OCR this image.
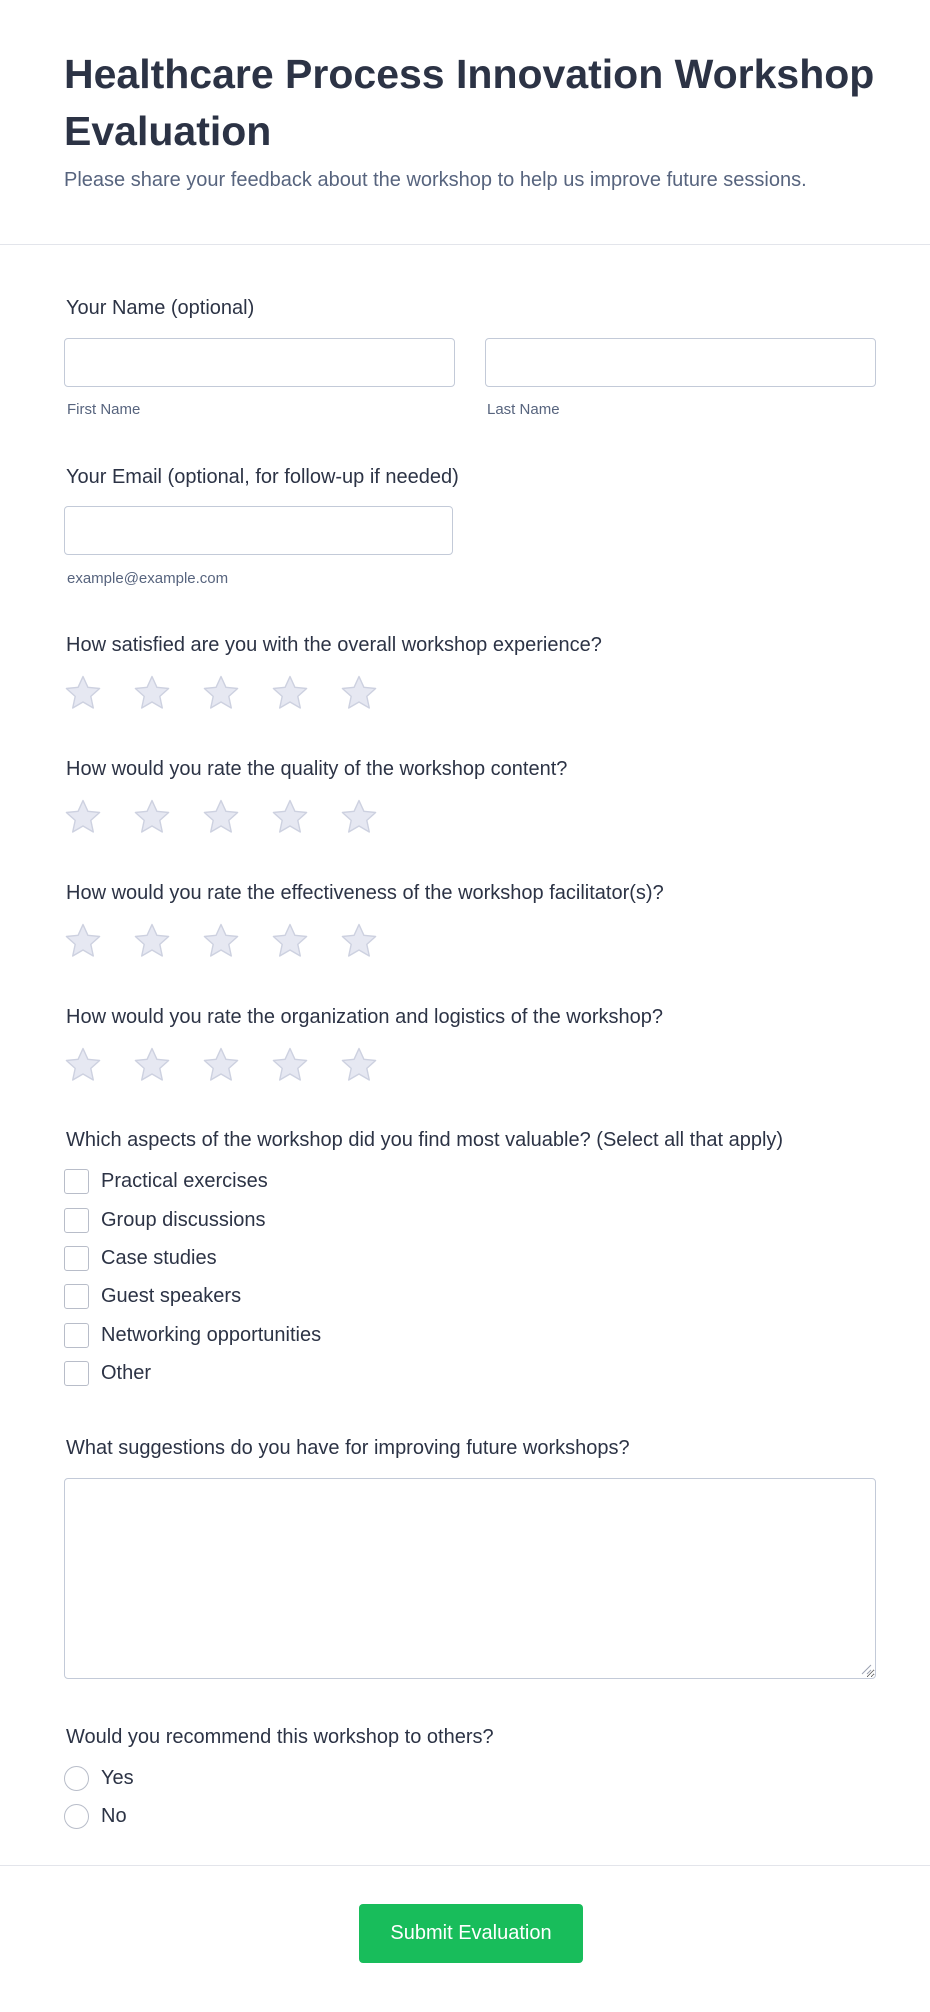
Healthcare Process Innovation Workshop Evaluation

Please share your feedback about the workshop to help us improve future sessions.

Your Name (optional)
First Name	Last Name
Your Email (optional, for follow-up if needed)
example@example.com
How satisfied are you with the overall workshop experience?
How would you rate the quality of the workshop content?
How would you rate the effectiveness of the workshop facilitator(s)?
How would you rate the organization and logistics of the workshop?
Which aspects of the workshop did you find most valuable? (Select all that apply)
Practical exercises
Group discussions
Case studies
Guest speakers
Networking opportunities
Other
What suggestions do you have for improving future workshops?
Would you recommend this workshop to others?
Yes
No
Submit Evaluation
